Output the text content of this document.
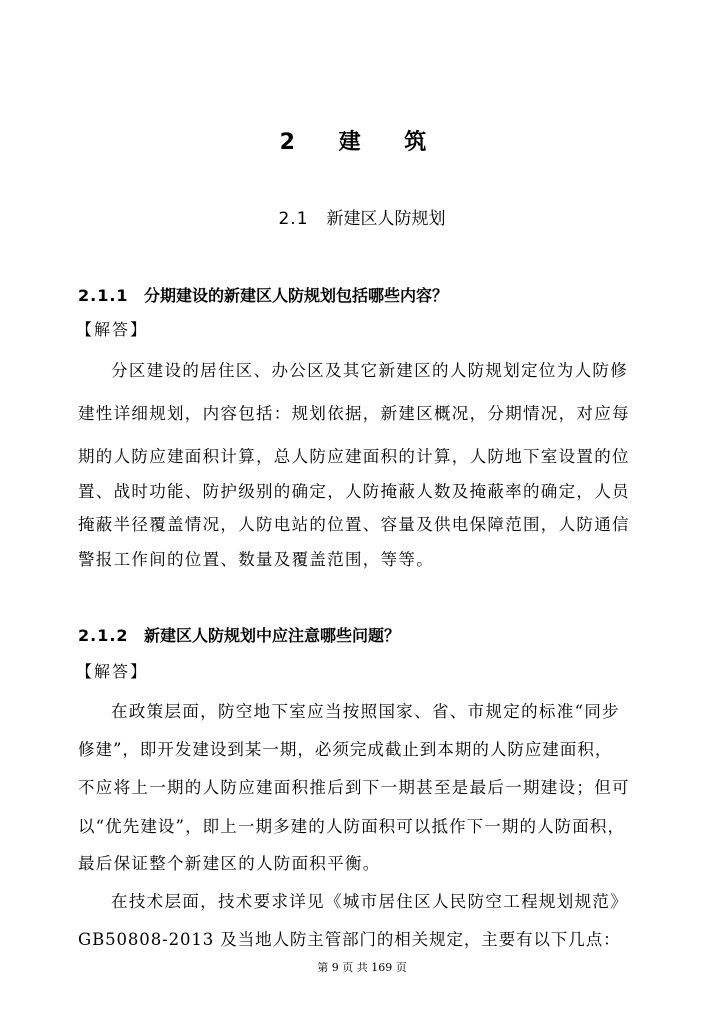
2 建 筑
2.1 新建区人防规划
2.1.1 分期建设的新建区人防规划包括哪些内容？
【解答】
分区建设的居住区、办公区及其它新建区的人防规划定位为人防修
建性详细规划，内容包括：规划依据，新建区概况，分期情况，对应每
期的人防应建面积计算，总人防应建面积的计算，人防地下室设置的位
置、战时功能、防护级别的确定，人防掩蔽人数及掩蔽率的确定，人员
掩蔽半径覆盖情况，人防电站的位置、容量及供电保障范围，人防通信
警报工作间的位置、数量及覆盖范围，等等。
2.1.2 新建区人防规划中应注意哪些问题？
【解答】
在政策层面，防空地下室应当按照国家、省、市规定的标准“同步
修建”，即开发建设到某一期，必须完成截止到本期的人防应建面积，
不应将上一期的人防应建面积推后到下一期甚至是最后一期建设；但可
以“优先建设”，即上一期多建的人防面积可以抵作下一期的人防面积，
最后保证整个新建区的人防面积平衡。
在技术层面，技术要求详见《城市居住区人民防空工程规划规范》
GB50808-2013 及当地人防主管部门的相关规定，主要有以下几点：
第 9 页 共 169 页
